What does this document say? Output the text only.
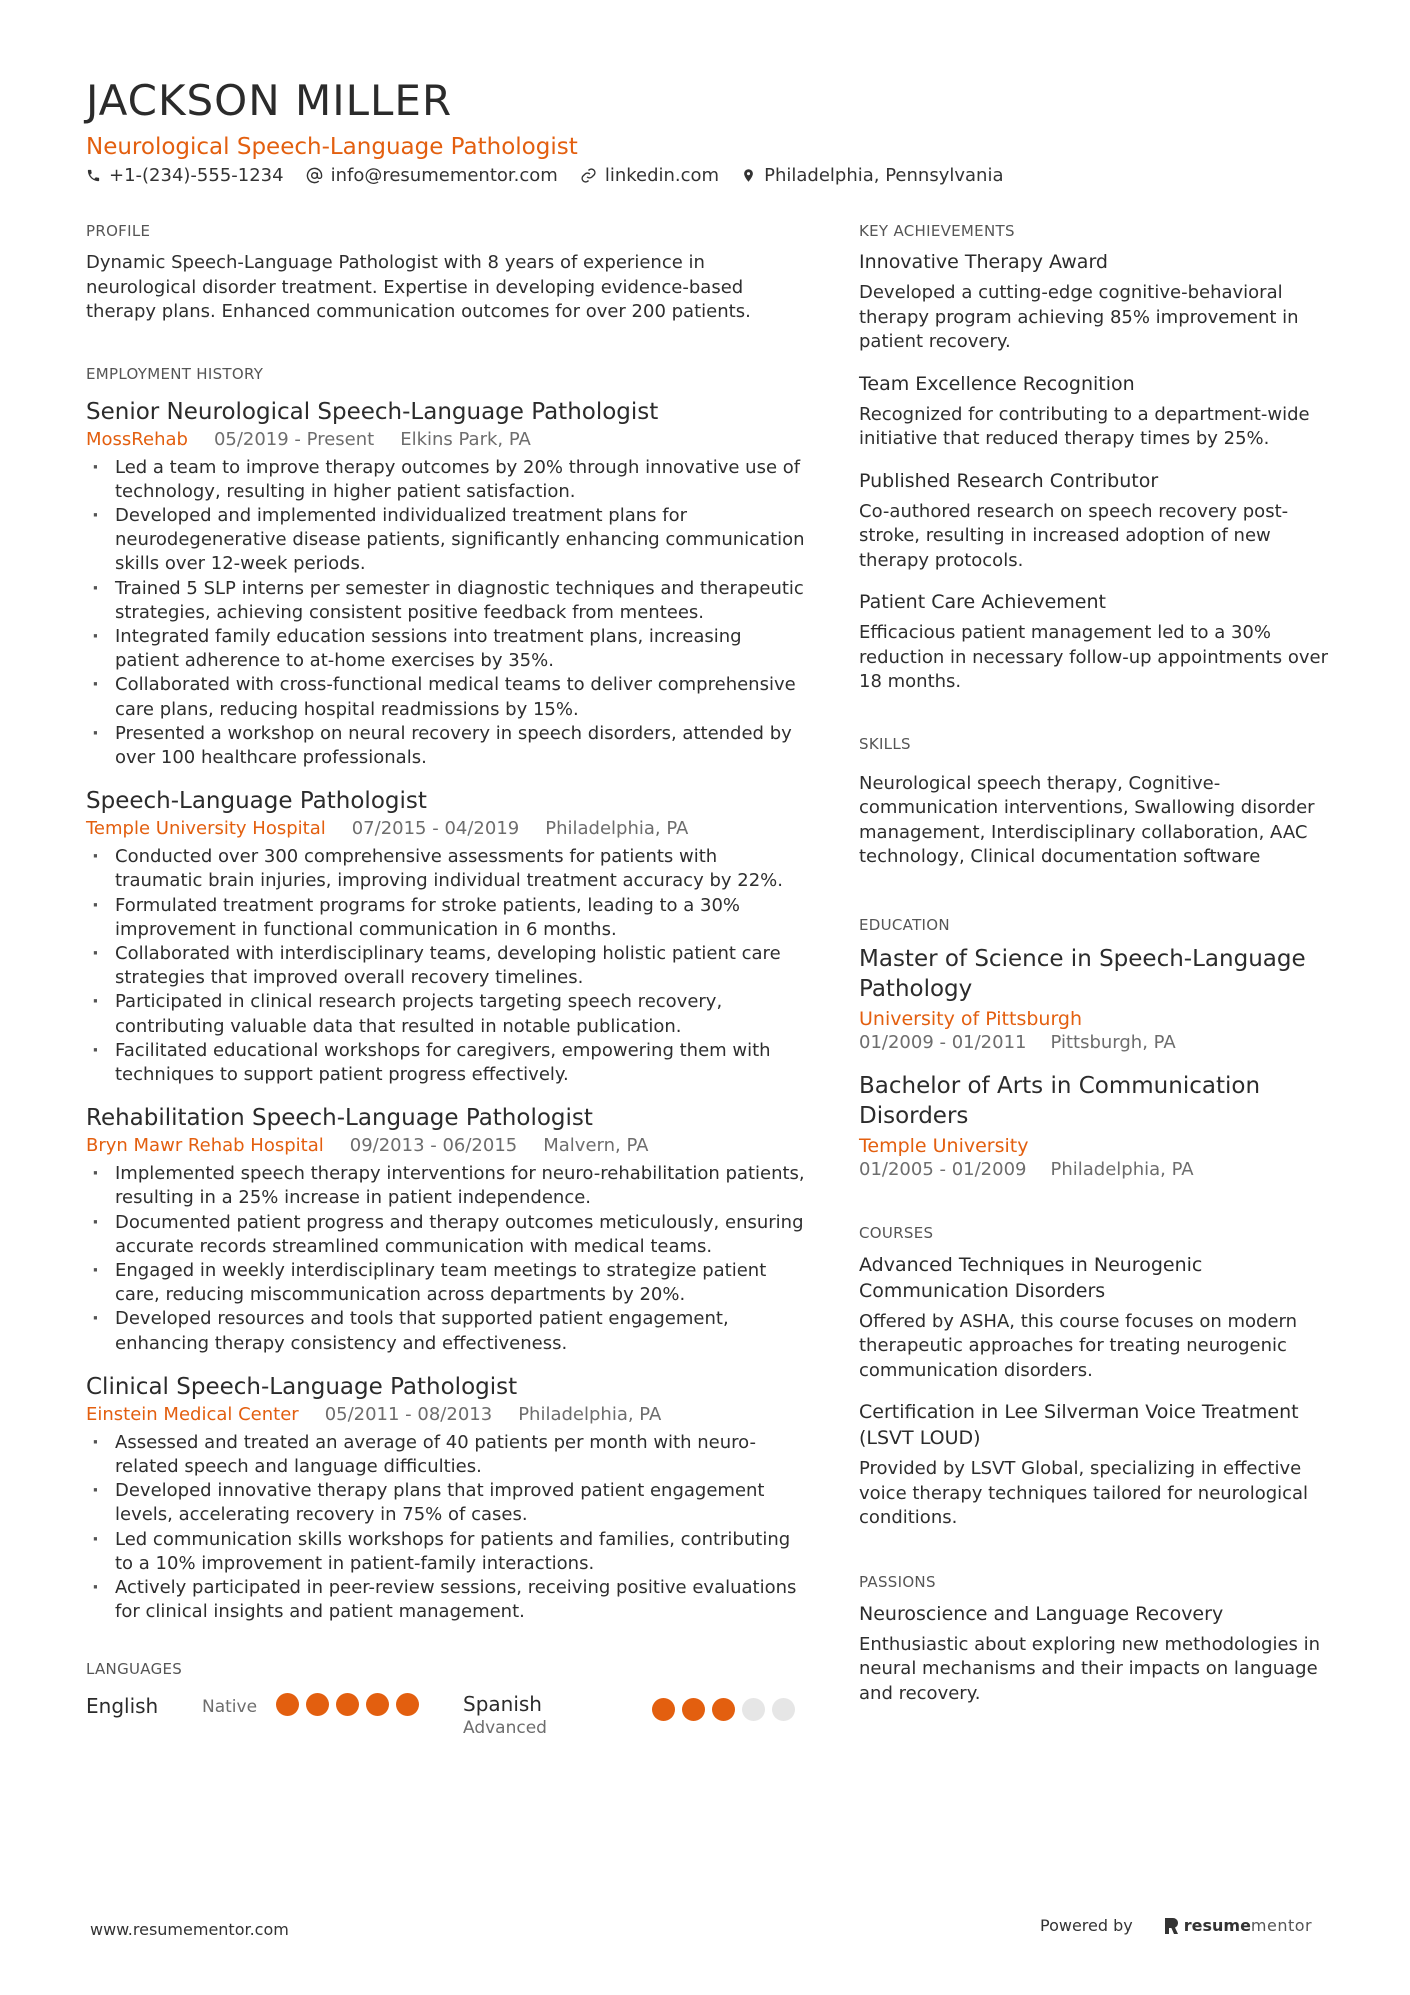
JACKSON MILLER
Neurological Speech-Language Pathologist
+1-(234)-555-1234	info@resumementor.com	linkedin.com	Philadelphia, Pennsylvania
PROFILE
Dynamic Speech-Language Pathologist with 8 years of experience in neurological disorder treatment. Expertise in developing evidence-based therapy plans. Enhanced communication outcomes for over 200 patients.
EMPLOYMENT HISTORY
Senior Neurological Speech-Language Pathologist
MossRehab 05/2019 - Present Elkins Park, PA
· Led a team to improve therapy outcomes by 20% through innovative use of technology, resulting in higher patient satisfaction.
· Developed and implemented individualized treatment plans for neurodegenerative disease patients, significantly enhancing communication skills over 12-week periods.
· Trained 5 SLP interns per semester in diagnostic techniques and therapeutic strategies, achieving consistent positive feedback from mentees.
· Integrated family education sessions into treatment plans, increasing patient adherence to at-home exercises by 35%.
· Collaborated with cross-functional medical teams to deliver comprehensive care plans, reducing hospital readmissions by 15%.
· Presented a workshop on neural recovery in speech disorders, attended by over 100 healthcare professionals.
Speech-Language Pathologist
Temple University Hospital 07/2015 - 04/2019 Philadelphia, PA
· Conducted over 300 comprehensive assessments for patients with traumatic brain injuries, improving individual treatment accuracy by 22%.
· Formulated treatment programs for stroke patients, leading to a 30% improvement in functional communication in 6 months.
· Collaborated with interdisciplinary teams, developing holistic patient care strategies that improved overall recovery timelines.
· Participated in clinical research projects targeting speech recovery, contributing valuable data that resulted in notable publication.
· Facilitated educational workshops for caregivers, empowering them with techniques to support patient progress effectively.
Rehabilitation Speech-Language Pathologist
Bryn Mawr Rehab Hospital 09/2013 - 06/2015 Malvern, PA
· Implemented speech therapy interventions for neuro-rehabilitation patients, resulting in a 25% increase in patient independence.
· Documented patient progress and therapy outcomes meticulously, ensuring accurate records streamlined communication with medical teams.
· Engaged in weekly interdisciplinary team meetings to strategize patient care, reducing miscommunication across departments by 20%.
· Developed resources and tools that supported patient engagement, enhancing therapy consistency and effectiveness.
Clinical Speech-Language Pathologist
Einstein Medical Center 05/2011 - 08/2013 Philadelphia, PA
· Assessed and treated an average of 40 patients per month with neuro-related speech and language difficulties.
· Developed innovative therapy plans that improved patient engagement levels, accelerating recovery in 75% of cases.
· Led communication skills workshops for patients and families, contributing to a 10% improvement in patient-family interactions.
· Actively participated in peer-review sessions, receiving positive evaluations for clinical insights and patient management.
LANGUAGES
English	Native	Spanish
Advanced
KEY ACHIEVEMENTS
Innovative Therapy Award
Developed a cutting-edge cognitive-behavioral therapy program achieving 85% improvement in patient recovery.
Team Excellence Recognition
Recognized for contributing to a department-wide initiative that reduced therapy times by 25%.
Published Research Contributor
Co-authored research on speech recovery post-stroke, resulting in increased adoption of new therapy protocols.
Patient Care Achievement
Efficacious patient management led to a 30% reduction in necessary follow-up appointments over 18 months.
SKILLS
Neurological speech therapy, Cognitive-communication interventions, Swallowing disorder management, Interdisciplinary collaboration, AAC technology, Clinical documentation software
EDUCATION
Master of Science in Speech-Language Pathology
University of Pittsburgh
01/2009 - 01/2011 Pittsburgh, PA
Bachelor of Arts in Communication Disorders
Temple University
01/2005 - 01/2009 Philadelphia, PA
COURSES
Advanced Techniques in Neurogenic Communication Disorders
Offered by ASHA, this course focuses on modern therapeutic approaches for treating neurogenic communication disorders.
Certification in Lee Silverman Voice Treatment (LSVT LOUD)
Provided by LSVT Global, specializing in effective voice therapy techniques tailored for neurological conditions.
PASSIONS
Neuroscience and Language Recovery
Enthusiastic about exploring new methodologies in neural mechanisms and their impacts on language and recovery.
www.resumementor.com	Powered by	resume mentor
